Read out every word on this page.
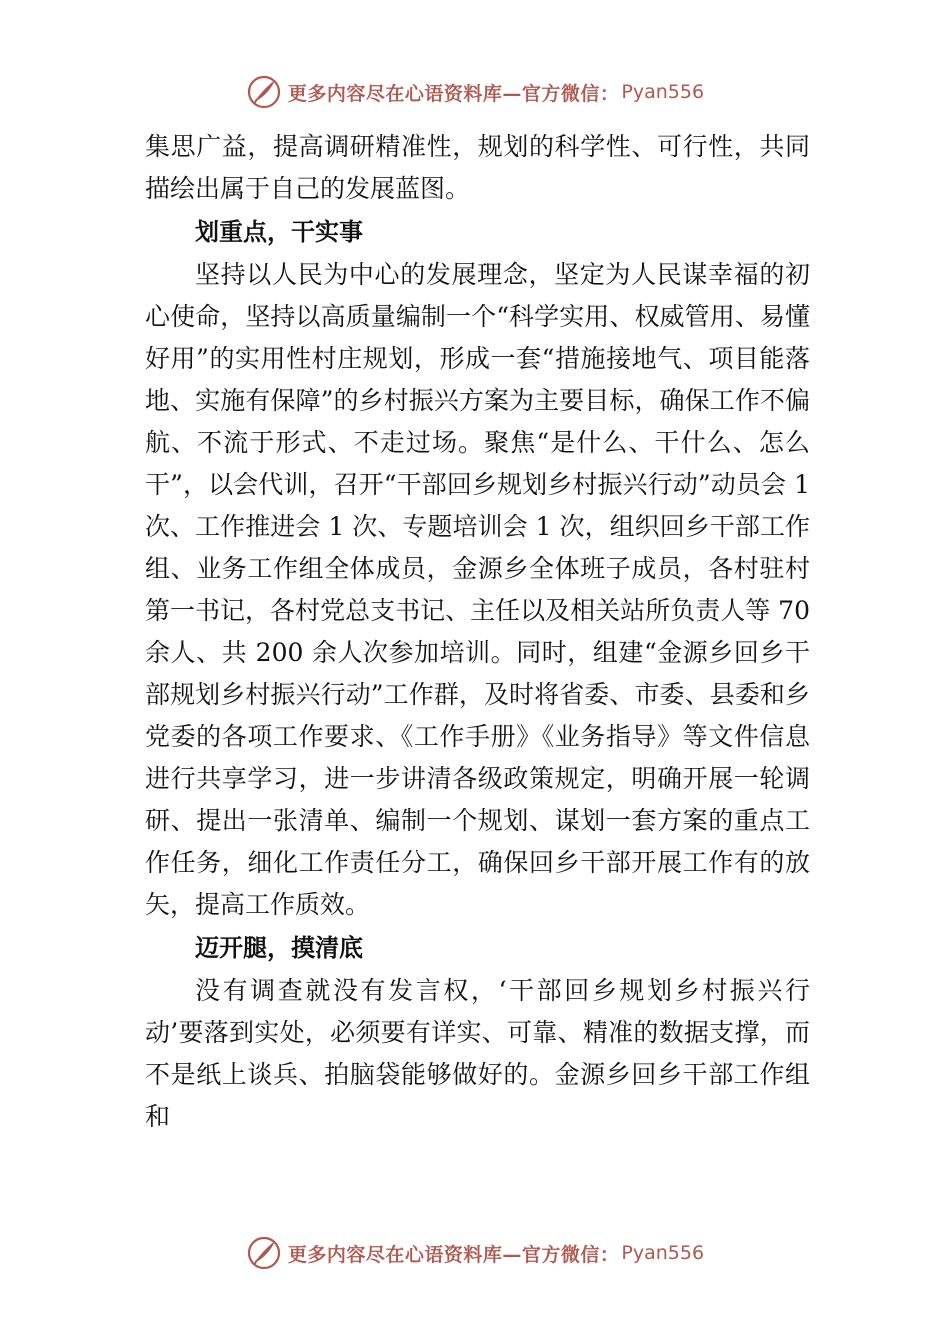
更多内容尽在心语资料库—官方微信： Pyan556

集思广益，提高调研精准性，规划的科学性、可行性，共同描绘出属于自己的发展蓝图。

划重点，干实事

坚持以人民为中心的发展理念，坚定为人民谋幸福的初心使命，坚持以高质量编制一个“科学实用、权威管用、易懂好用”的实用性村庄规划，形成一套“措施接地气、项目能落地、实施有保障”的乡村振兴方案为主要目标，确保工作不偏航、不流于形式、不走过场。聚焦“是什么、干什么、怎么干”，以会代训，召开“干部回乡规划乡村振兴行动”动员会 1 次、工作推进会 1 次、专题培训会 1 次，组织回乡干部工作组、业务工作组全体成员，金源乡全体班子成员，各村驻村第一书记，各村党总支书记、主任以及相关站所负责人等 70 余人、共 200 余人次参加培训。同时，组建“金源乡回乡干部规划乡村振兴行动”工作群，及时将省委、市委、县委和乡党委的各项工作要求、《工作手册》《业务指导》等文件信息进行共享学习，进一步讲清各级政策规定，明确开展一轮调研、提出一张清单、编制一个规划、谋划一套方案的重点工作任务，细化工作责任分工，确保回乡干部开展工作有的放矢，提高工作质效。

迈开腿，摸清底

没有调查就没有发言权，‘干部回乡规划乡村振兴行动’要落到实处，必须要有详实、可靠、精准的数据支撑，而不是纸上谈兵、拍脑袋能够做好的。金源乡回乡干部工作组和

更多内容尽在心语资料库—官方微信： Pyan556
